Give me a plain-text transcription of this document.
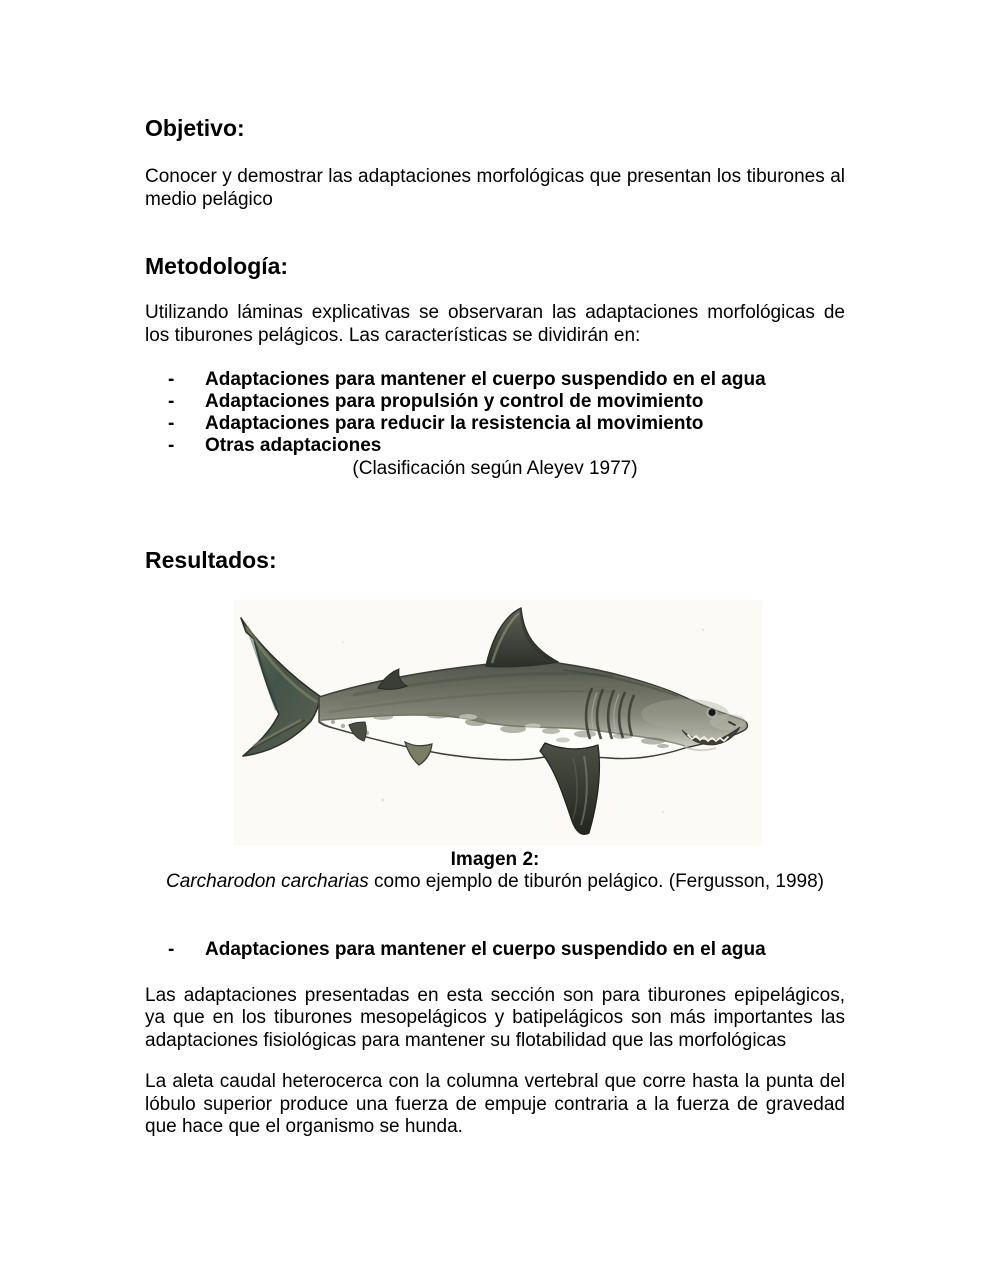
Objetivo:

Conocer y demostrar las adaptaciones morfológicas que presentan los tiburones al medio pelágico

Metodología:

Utilizando láminas explicativas se observaran las adaptaciones morfológicas de los tiburones pelágicos. Las características se dividirán en:

- Adaptaciones para mantener el cuerpo suspendido en el agua
- Adaptaciones para propulsión y control de movimiento
- Adaptaciones para reducir la resistencia al movimiento
- Otras adaptaciones
(Clasificación según Aleyev 1977)
Resultados:
Imagen 2:
Carcharodon carcharias como ejemplo de tiburón pelágico. (Fergusson, 1998)
- Adaptaciones para mantener el cuerpo suspendido en el agua

Las adaptaciones presentadas en esta sección son para tiburones epipelágicos, ya que en los tiburones mesopelágicos y batipelágicos son más importantes las adaptaciones fisiológicas para mantener su flotabilidad que las morfológicas

La aleta caudal heterocerca con la columna vertebral que corre hasta la punta del lóbulo superior produce una fuerza de empuje contraria a la fuerza de gravedad que hace que el organismo se hunda.
